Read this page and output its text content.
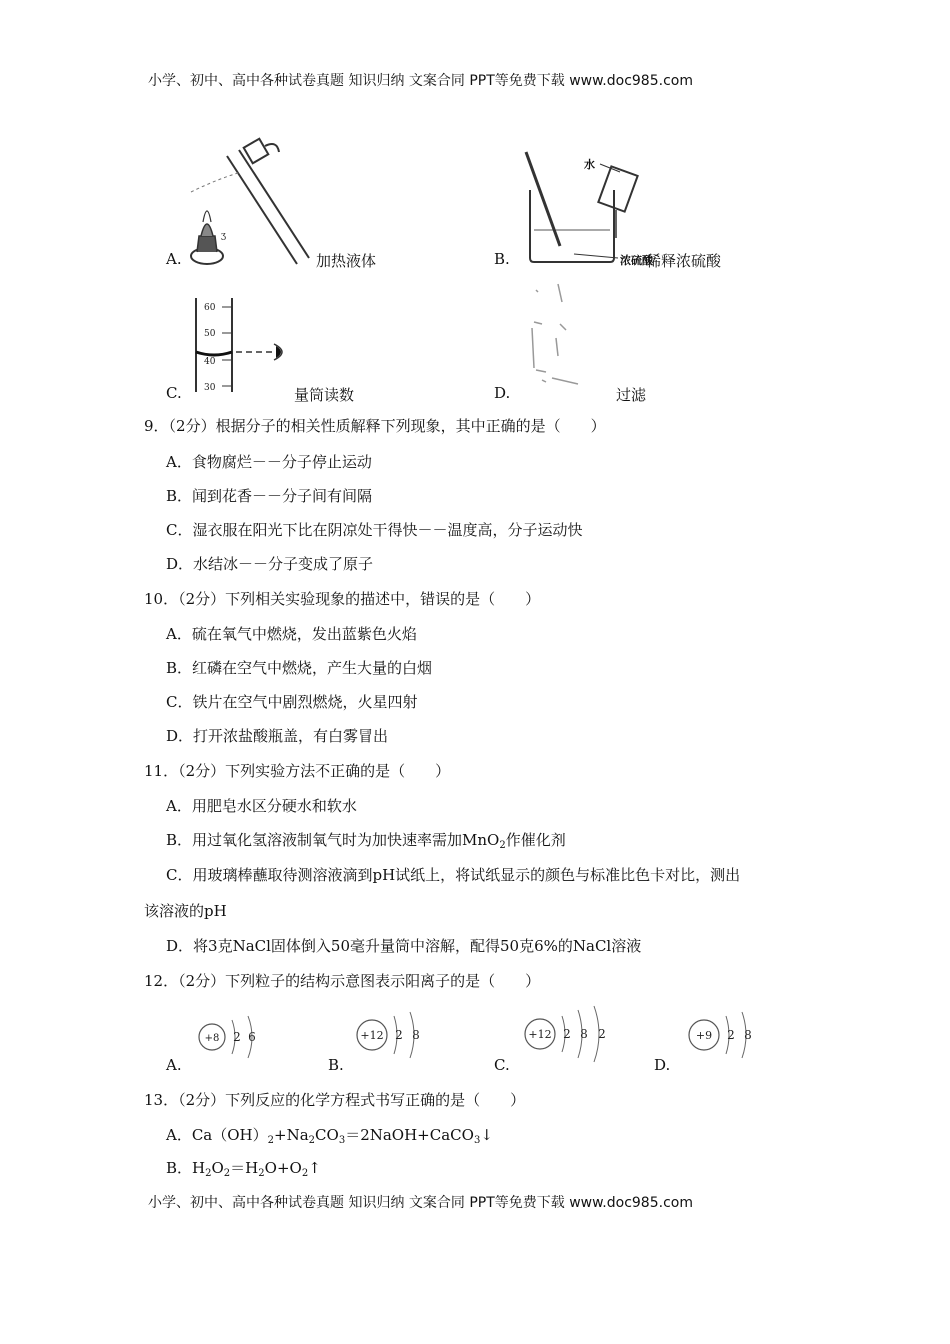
小学、初中、高中各种试卷真题 知识归纳 文案合同 PPT等免费下载 www.doc985.com
ʒ
A.	加热液体
水
浓硫酸
B.	稀释浓硫酸
60
50
40
30
C.	量筒读数	D.	过滤
9．（2分）根据分子的相关性质解释下列现象，其中正确的是（　　）
A．食物腐烂－－分子停止运动
B．闻到花香－－分子间有间隔
C．湿衣服在阳光下比在阴凉处干得快－－温度高，分子运动快
D．水结冰－－分子变成了原子
10．（2分）下列相关实验现象的描述中，错误的是（　　）
A．硫在氧气中燃烧，发出蓝紫色火焰
B．红磷在空气中燃烧，产生大量的白烟
C．铁片在空气中剧烈燃烧，火星四射
D．打开浓盐酸瓶盖，有白雾冒出
11．（2分）下列实验方法不正确的是（　　）
A．用肥皂水区分硬水和软水
B．用过氧化氢溶液制氧气时为加快速率需加MnO$_2$作催化剂
C．用玻璃棒蘸取待测溶液滴到pH试纸上，将试纸显示的颜色与标准比色卡对比，测出
该溶液的pH
D．将3克NaCl固体倒入50毫升量筒中溶解，配得50克6%的NaCl溶液
12．（2分）下列粒子的结构示意图表示阳离子的是（　　）
+8 2 6
A.
+12 2 8
B.
+12 2 8 2
C.
+9 2 8
D.
13．（2分）下列反应的化学方程式书写正确的是（　　）
A．$Ca(OH)_2+Na_2CO_3=2NaOH+CaCO_3↓$
B．$H_2O_2=H_2O+O_2↑$
小学、初中、高中各种试卷真题 知识归纳 文案合同 PPT等免费下载 www.doc985.com
